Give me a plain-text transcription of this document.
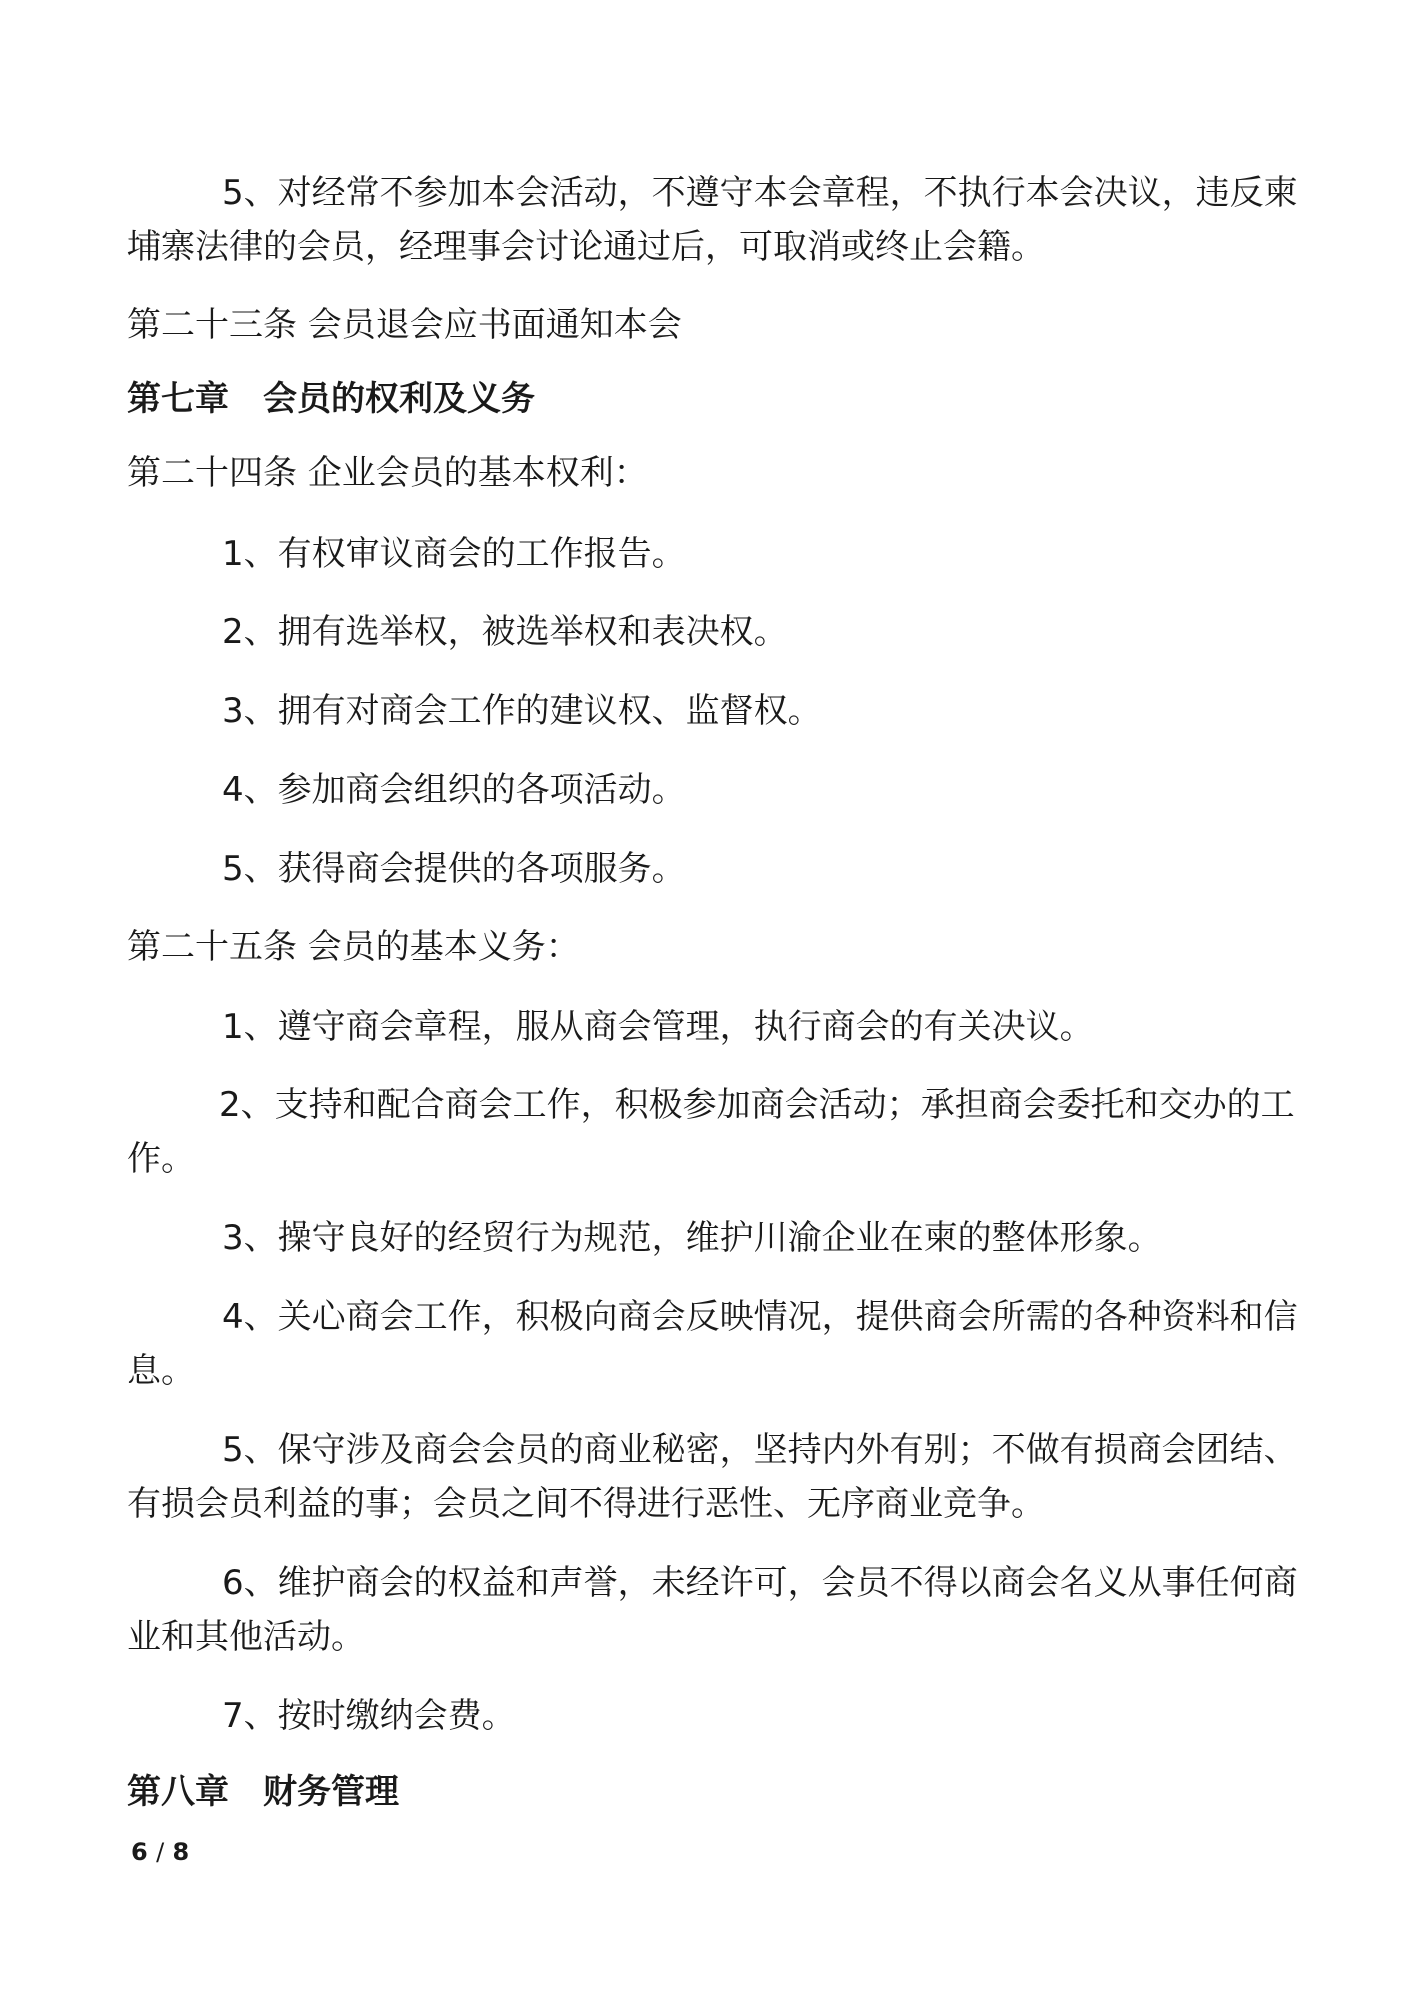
5、对经常不参加本会活动，不遵守本会章程，不执行本会决议，违反柬
埔寨法律的会员，经理事会讨论通过后，可取消或终止会籍。
第二十三条 会员退会应书面通知本会
第七章　会员的权利及义务
第二十四条 企业会员的基本权利：
1、有权审议商会的工作报告。
2、拥有选举权，被选举权和表决权。
3、拥有对商会工作的建议权、监督权。
4、参加商会组织的各项活动。
5、获得商会提供的各项服务。
第二十五条 会员的基本义务：
1、遵守商会章程，服从商会管理，执行商会的有关决议。
2、支持和配合商会工作，积极参加商会活动；承担商会委托和交办的工
作。
3、操守良好的经贸行为规范，维护川渝企业在柬的整体形象。
4、关心商会工作，积极向商会反映情况，提供商会所需的各种资料和信
息。
5、保守涉及商会会员的商业秘密，坚持内外有别；不做有损商会团结、
有损会员利益的事；会员之间不得进行恶性、无序商业竞争。
6、维护商会的权益和声誉，未经许可，会员不得以商会名义从事任何商
业和其他活动。
7、按时缴纳会费。
第八章　财务管理
6 / 8
